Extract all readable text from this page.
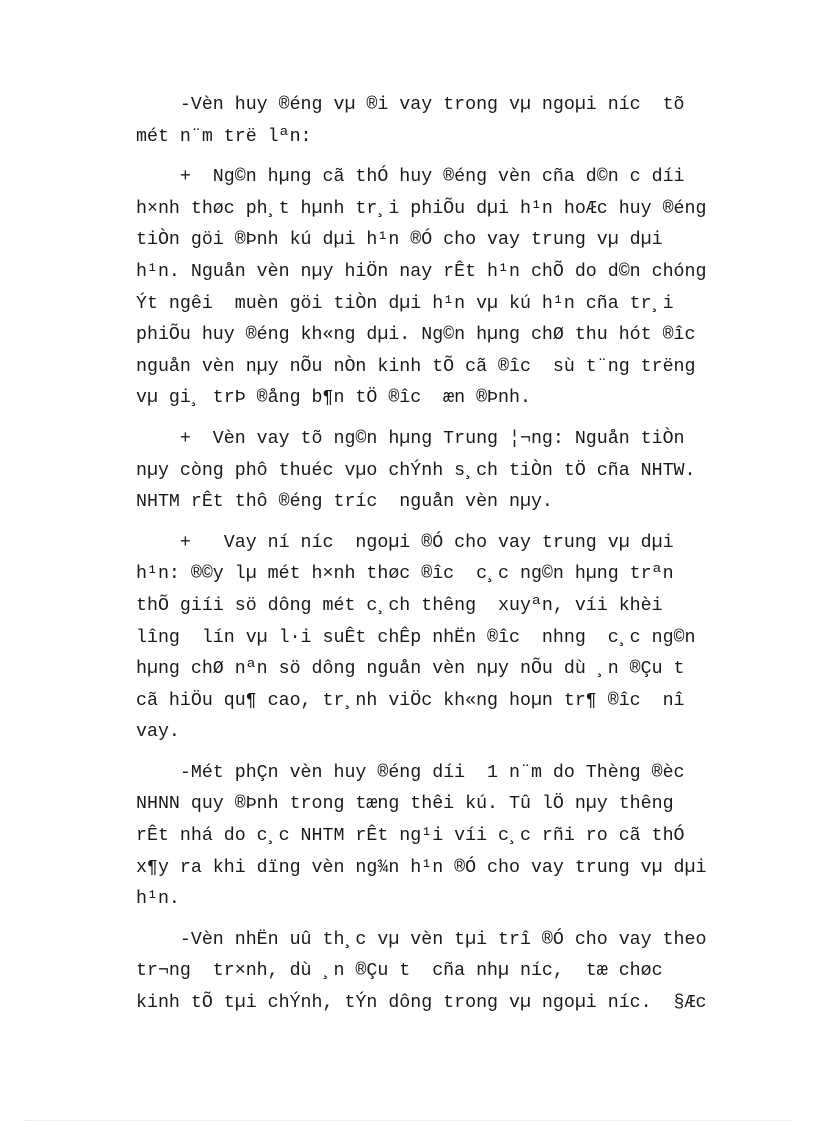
-Vèn huy ®éng vµ ®i vay trong vµ ngoµi níc  tõ
mét n¨m trë lªn:
+  Ng©n hµng cã thÓ huy ®éng vèn cña d©n c díi
h×nh thøc ph¸t hµnh tr¸i phiÕu dµi h¹n hoÆc huy ®éng
tiÒn göi ®Þnh kú dµi h¹n ®Ó cho vay trung vµ dµi
h¹n. Nguån vèn nµy hiÖn nay rÊt h¹n chÕ do d©n chóng
Ýt ngêi  muèn göi tiÒn dµi h¹n vµ kú h¹n cña tr¸i
phiÕu huy ®éng kh«ng dµi. Ng©n hµng chØ thu hót ®îc
nguån vèn nµy nÕu nÒn kinh tÕ cã ®îc  sù t¨ng trëng
vµ gi¸ trÞ ®ång b¶n tÖ ®îc  æn ®Þnh.
+  Vèn vay tõ ng©n hµng Trung ¦¬ng: Nguån tiÒn
nµy còng phô thuéc vµo chÝnh s¸ch tiÒn tÖ cña NHTW.
NHTM rÊt thô ®éng tríc  nguån vèn nµy.
+   Vay ní níc  ngoµi ®Ó cho vay trung vµ dµi
h¹n: ®©y lµ mét h×nh thøc ®îc  c¸c ng©n hµng trªn
thÕ giíi sö dông mét c¸ch thêng  xuyªn, víi khèi
lîng  lín vµ l·i suÊt chÊp nhËn ®îc  nhng  c¸c ng©n
hµng chØ nªn sö dông nguån vèn nµy nÕu dù ¸n ®Çu t
cã hiÖu qu¶ cao, tr¸nh viÖc kh«ng hoµn tr¶ ®îc  nî
vay.
-Mét phÇn vèn huy ®éng díi  1 n¨m do Thèng ®èc
NHNN quy ®Þnh trong tæng thêi kú. Tû lÖ nµy thêng
rÊt nhá do c¸c NHTM rÊt ng¹i víi c¸c rñi ro cã thÓ
x¶y ra khi dïng vèn ng¾n h¹n ®Ó cho vay trung vµ dµi
h¹n.
-Vèn nhËn uû th¸c vµ vèn tµi trî ®Ó cho vay theo
tr¬ng  tr×nh, dù ¸n ®Çu t  cña nhµ níc,  tæ chøc
kinh tÕ tµi chÝnh, tÝn dông trong vµ ngoµi níc.  §Æc
